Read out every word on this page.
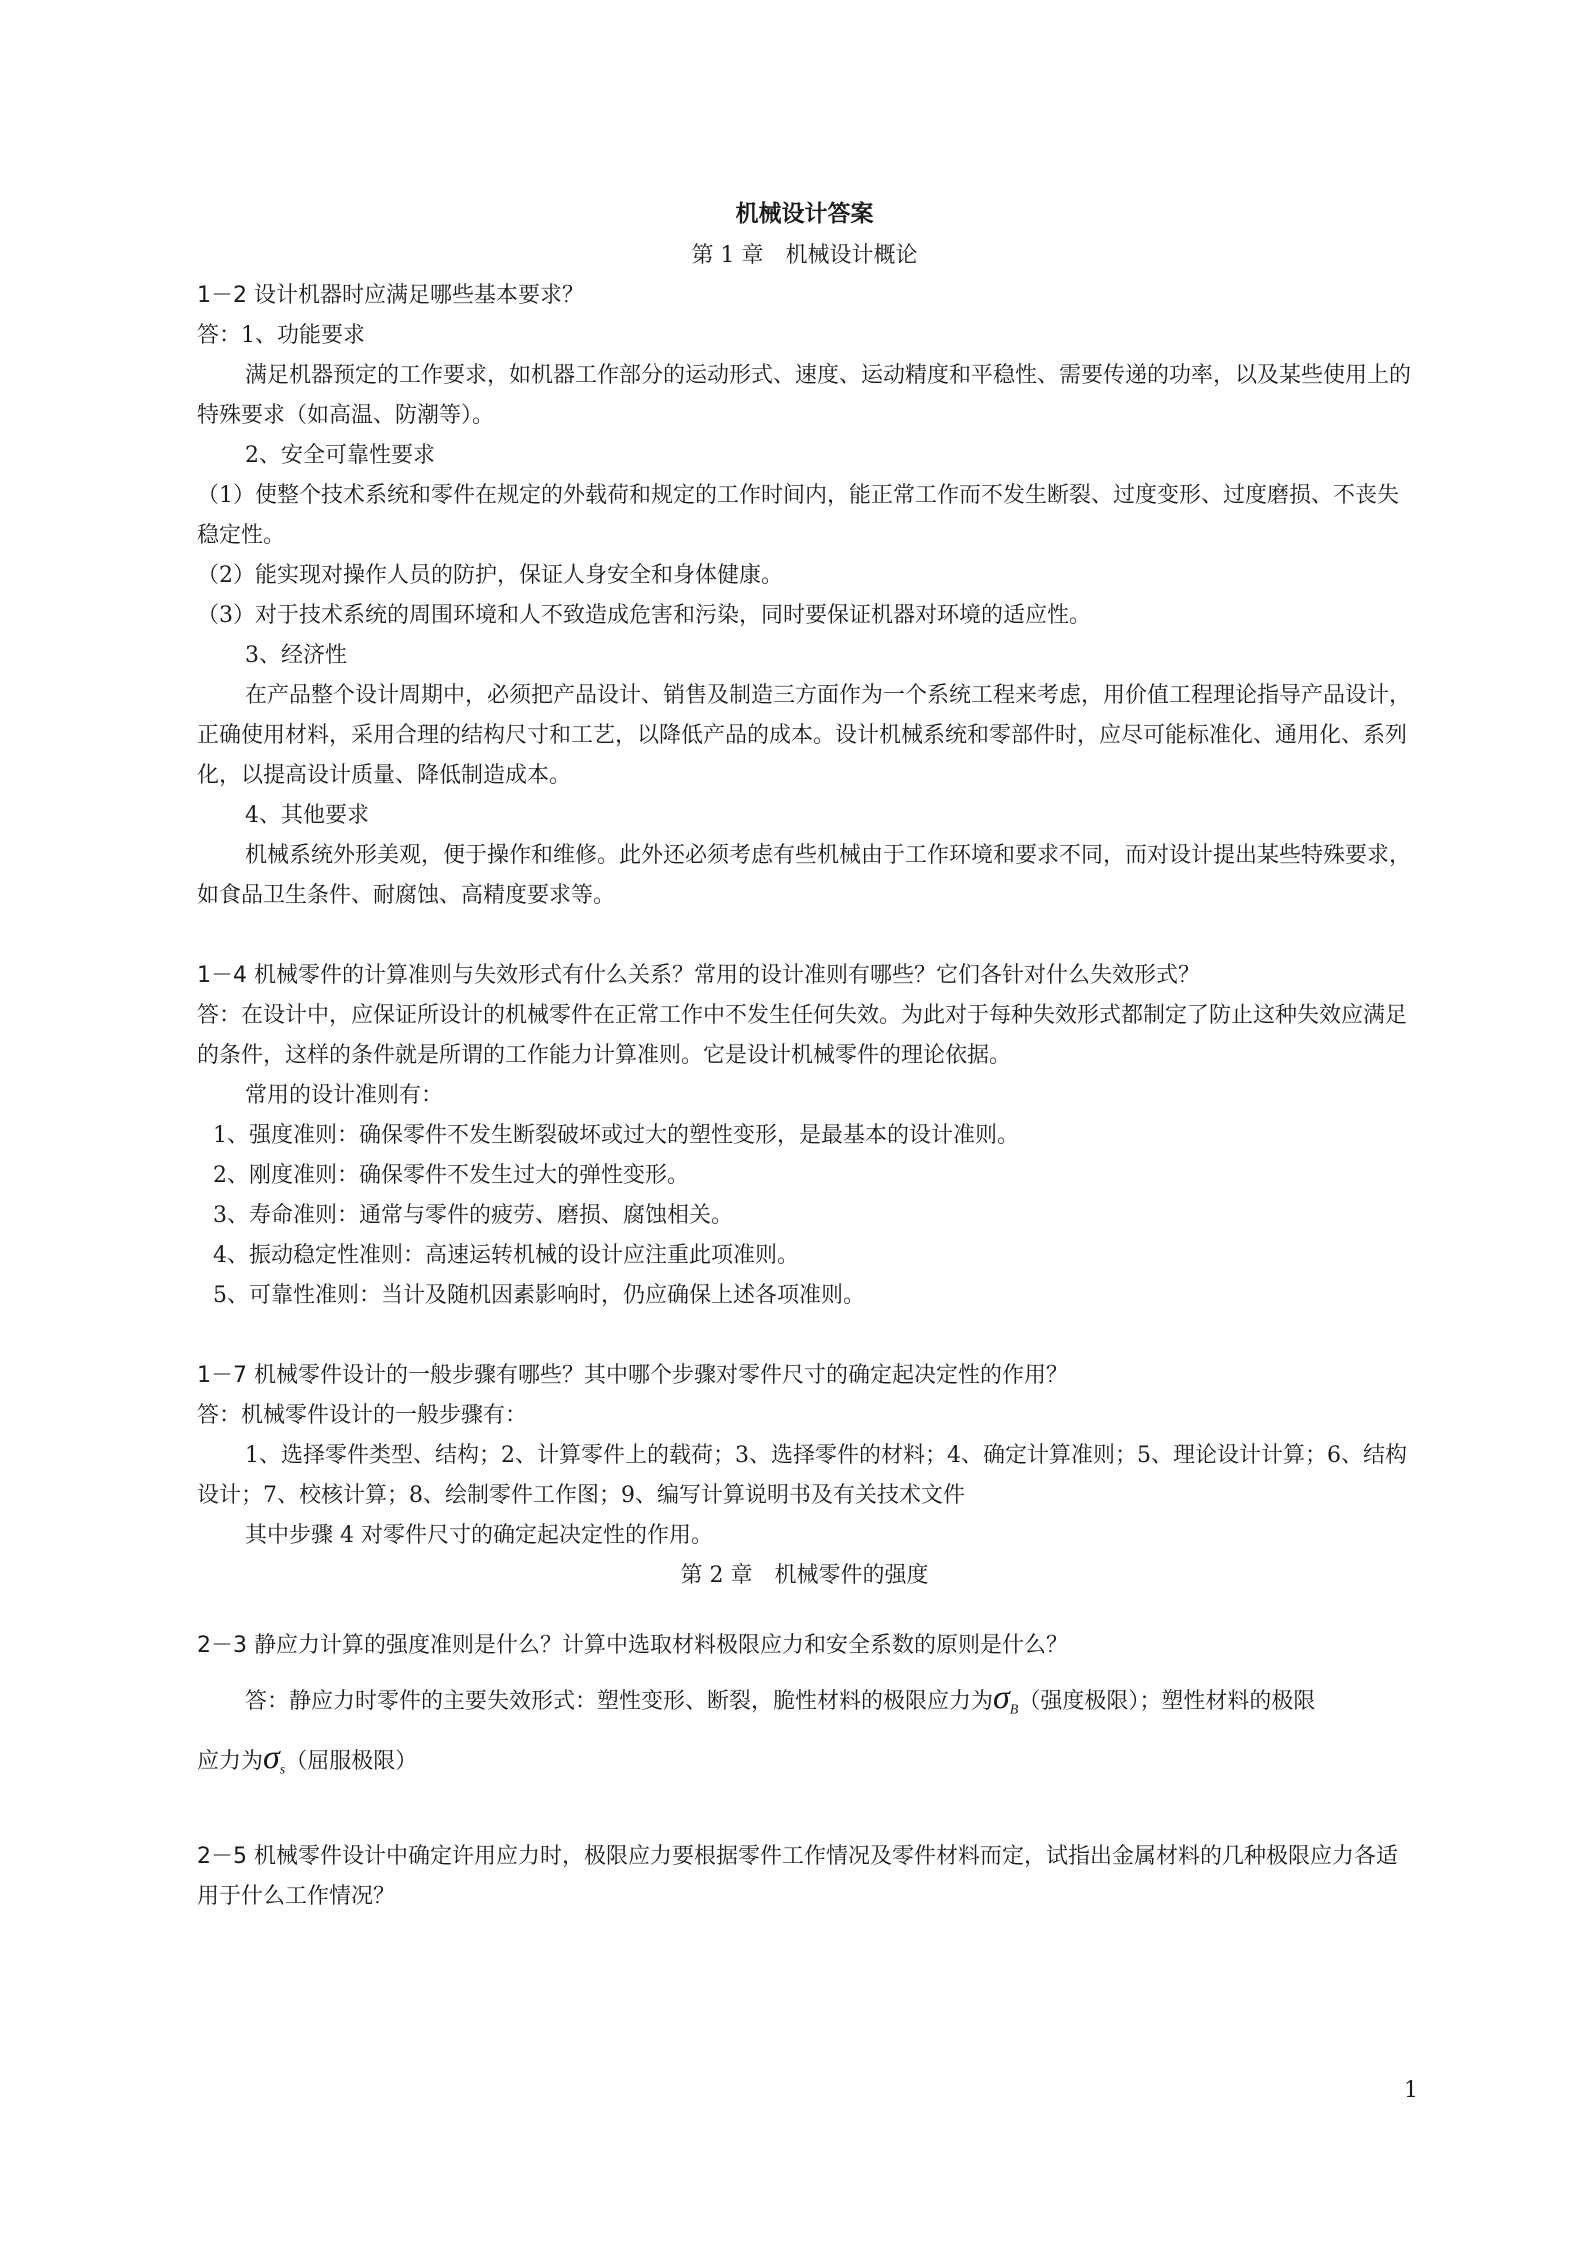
机械设计答案
第 1 章　机械设计概论
1－2 设计机器时应满足哪些基本要求？
答：1、功能要求
满足机器预定的工作要求，如机器工作部分的运动形式、速度、运动精度和平稳性、需要传递的功率，以及某些使用上的特殊要求（如高温、防潮等）。
2、安全可靠性要求
（1）使整个技术系统和零件在规定的外载荷和规定的工作时间内，能正常工作而不发生断裂、过度变形、过度磨损、不丧失稳定性。
（2）能实现对操作人员的防护，保证人身安全和身体健康。
（3）对于技术系统的周围环境和人不致造成危害和污染，同时要保证机器对环境的适应性。
3、经济性
在产品整个设计周期中，必须把产品设计、销售及制造三方面作为一个系统工程来考虑，用价值工程理论指导产品设计，正确使用材料，采用合理的结构尺寸和工艺，以降低产品的成本。设计机械系统和零部件时，应尽可能标准化、通用化、系列化，以提高设计质量、降低制造成本。
4、其他要求
机械系统外形美观，便于操作和维修。此外还必须考虑有些机械由于工作环境和要求不同，而对设计提出某些特殊要求，如食品卫生条件、耐腐蚀、高精度要求等。
1－4 机械零件的计算准则与失效形式有什么关系？常用的设计准则有哪些？它们各针对什么失效形式？
答：在设计中，应保证所设计的机械零件在正常工作中不发生任何失效。为此对于每种失效形式都制定了防止这种失效应满足的条件，这样的条件就是所谓的工作能力计算准则。它是设计机械零件的理论依据。
常用的设计准则有：
1、强度准则：确保零件不发生断裂破坏或过大的塑性变形，是最基本的设计准则。
2、刚度准则：确保零件不发生过大的弹性变形。
3、寿命准则：通常与零件的疲劳、磨损、腐蚀相关。
4、振动稳定性准则：高速运转机械的设计应注重此项准则。
5、可靠性准则：当计及随机因素影响时，仍应确保上述各项准则。
1－7 机械零件设计的一般步骤有哪些？其中哪个步骤对零件尺寸的确定起决定性的作用？
答：机械零件设计的一般步骤有：
1、选择零件类型、结构；2、计算零件上的载荷；3、选择零件的材料；4、确定计算准则；5、理论设计计算；6、结构设计；7、校核计算；8、绘制零件工作图；9、编写计算说明书及有关技术文件
其中步骤 4 对零件尺寸的确定起决定性的作用。
第 2 章　机械零件的强度
2－3 静应力计算的强度准则是什么？计算中选取材料极限应力和安全系数的原则是什么？
答：静应力时零件的主要失效形式：塑性变形、断裂，脆性材料的极限应力为$\sigma_B$（强度极限）；塑性材料的极限
应力为$\sigma_s$（屈服极限）
2－5 机械零件设计中确定许用应力时，极限应力要根据零件工作情况及零件材料而定，试指出金属材料的几种极限应力各适用于什么工作情况？
1
